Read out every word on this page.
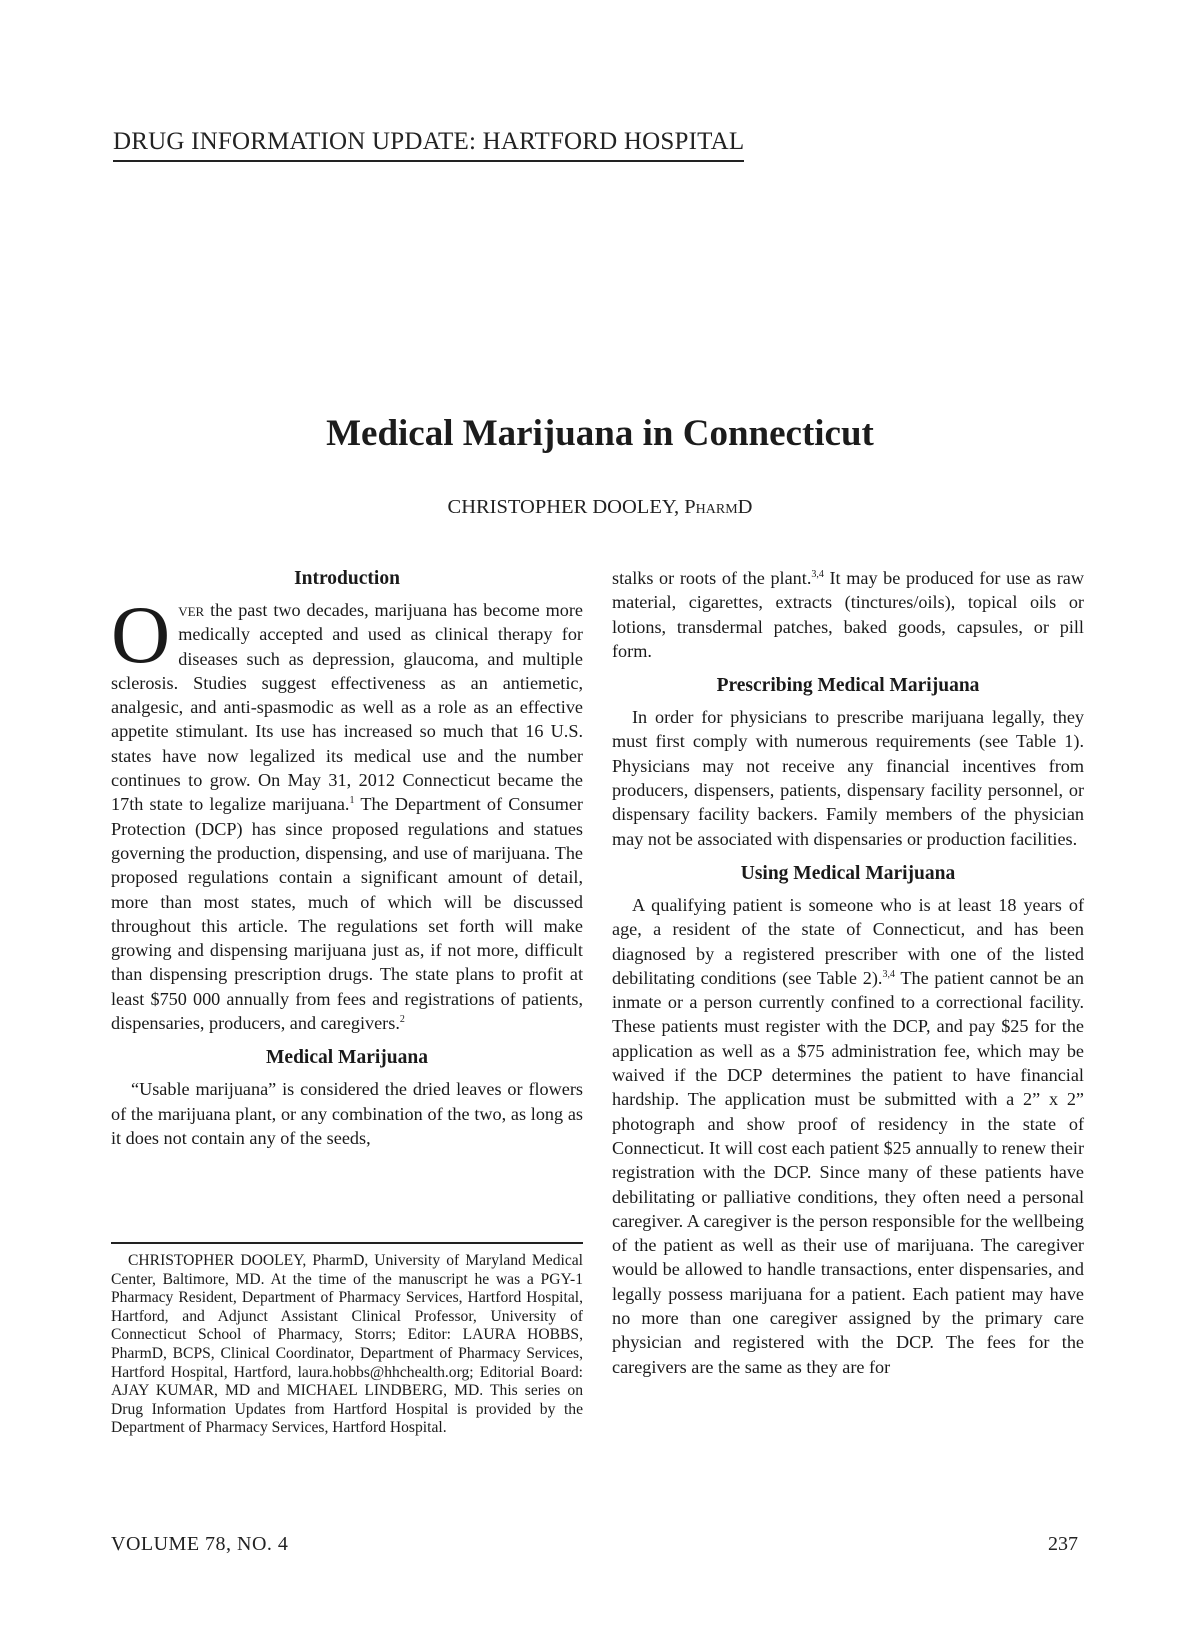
DRUG INFORMATION UPDATE: HARTFORD HOSPITAL
Medical Marijuana in Connecticut
CHRISTOPHER DOOLEY, PharmD
Introduction

Over the past two decades, marijuana has become more medically accepted and used as clinical therapy for diseases such as depression, glaucoma, and multiple sclerosis. Studies suggest effectiveness as an antiemetic, analgesic, and anti-spasmodic as well as a role as an effective appetite stimulant. Its use has increased so much that 16 U.S. states have now legalized its medical use and the number continues to grow. On May 31, 2012 Connecticut became the 17th state to legalize marijuana.$^1$ The Department of Consumer Protection (DCP) has since proposed regulations and statues governing the production, dispensing, and use of marijuana. The proposed regulations contain a significant amount of detail, more than most states, much of which will be discussed throughout this article. The regulations set forth will make growing and dispensing marijuana just as, if not more, difficult than dispensing prescription drugs. The state plans to profit at least $750 000 annually from fees and registrations of patients, dispensaries, producers, and caregivers.$^2$

Medical Marijuana

“Usable marijuana” is considered the dried leaves or flowers of the marijuana plant, or any combination of the two, as long as it does not contain any of the seeds,

CHRISTOPHER DOOLEY, PharmD, University of Maryland Medical Center, Baltimore, MD. At the time of the manuscript he was a PGY-1 Pharmacy Resident, Department of Pharmacy Services, Hartford Hospital, Hartford, and Adjunct Assistant Clinical Professor, University of Connecticut School of Pharmacy, Storrs; Editor: LAURA HOBBS, PharmD, BCPS, Clinical Coordinator, Department of Pharmacy Services, Hartford Hospital, Hartford, laura.hobbs@hhchealth.org; Editorial Board: AJAY KUMAR, MD and MICHAEL LINDBERG, MD. This series on Drug Information Updates from Hartford Hospital is provided by the Department of Pharmacy Services, Hartford Hospital.

stalks or roots of the plant.$^{3,4}$ It may be produced for use as raw material, cigarettes, extracts (tinctures/oils), topical oils or lotions, transdermal patches, baked goods, capsules, or pill form.

Prescribing Medical Marijuana

In order for physicians to prescribe marijuana legally, they must first comply with numerous requirements (see Table 1). Physicians may not receive any financial incentives from producers, dispensers, patients, dispensary facility personnel, or dispensary facility backers. Family members of the physician may not be associated with dispensaries or production facilities.

Using Medical Marijuana

A qualifying patient is someone who is at least 18 years of age, a resident of the state of Connecticut, and has been diagnosed by a registered prescriber with one of the listed debilitating conditions (see Table 2).$^{3,4}$ The patient cannot be an inmate or a person currently confined to a correctional facility. These patients must register with the DCP, and pay $25 for the application as well as a $75 administration fee, which may be waived if the DCP determines the patient to have financial hardship. The application must be submitted with a 2” x 2” photograph and show proof of residency in the state of Connecticut. It will cost each patient $25 annually to renew their registration with the DCP. Since many of these patients have debilitating or palliative conditions, they often need a personal caregiver. A caregiver is the person responsible for the wellbeing of the patient as well as their use of marijuana. The caregiver would be allowed to handle transactions, enter dispensaries, and legally possess marijuana for a patient. Each patient may have no more than one caregiver assigned by the primary care physician and registered with the DCP. The fees for the caregivers are the same as they are for

VOLUME 78, NO. 4	237
